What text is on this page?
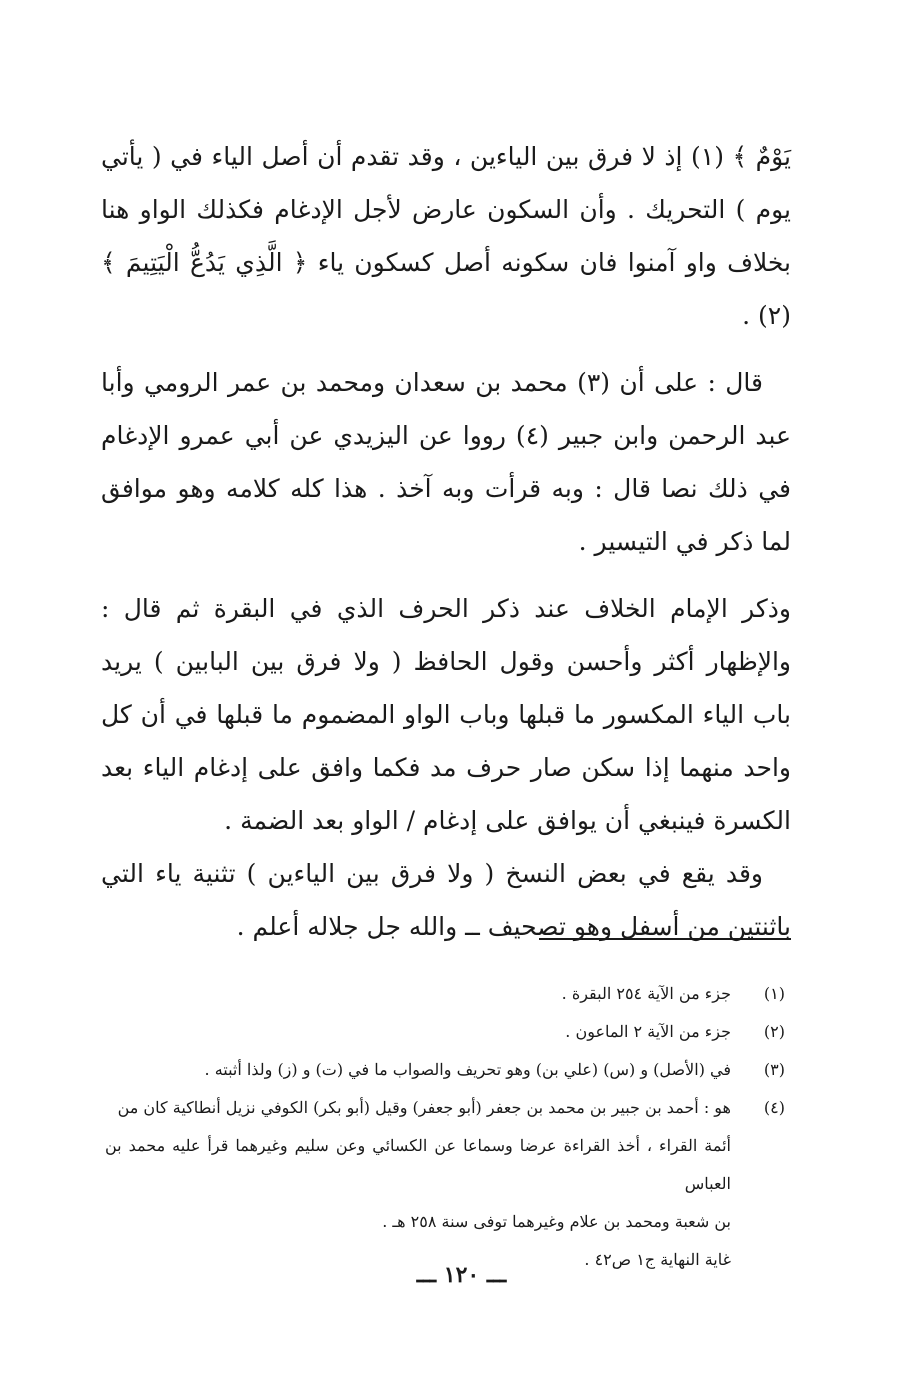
يَوْمٌ ﴾ (١) إذ لا فرق بين الياءين ، وقد تقدم أن أصل الياء في ( يأتي يوم ) التحريك . وأن السكون عارض لأجل الإدغام فكذلك الواو هنا بخلاف واو آمنوا فان سكونه أصل كسكون ياء ﴿ الَّذِي يَدُعُّ الْيَتِيمَ ﴾ (٢) .

قال : على أن (٣) محمد بن سعدان ومحمد بن عمر الرومي وأبا عبد الرحمن وابن جبير (٤) رووا عن اليزيدي عن أبي عمرو الإدغام في ذلك نصا قال : وبه قرأت وبه آخذ . هذا كله كلامه وهو موافق لما ذكر في التيسير .

وذكر الإمام الخلاف عند ذكر الحرف الذي في البقرة ثم قال : والإظهار أكثر وأحسن وقول الحافظ ( ولا فرق بين البابين ) يريد باب الياء المكسور ما قبلها وباب الواو المضموم ما قبلها في أن كل واحد منهما إذا سكن صار حرف مد فكما وافق على إدغام الياء بعد الكسرة فينبغي أن يوافق على إدغام / الواو بعد الضمة .

وقد يقع في بعض النسخ ( ولا فرق بين الياءين ) تثنية ياء التي باثنتين من أسفل وهو تصحيف ــ والله جل جلاله أعلم .

(١)
جزء من الآية ٢٥٤ البقرة .
(٢)
جزء من الآية ٢ الماعون .
(٣)
في (الأصل) و (س) (علي بن) وهو تحريف والصواب ما في (ت) و (ز) ولذا أثبته .
(٤)
هو : أحمد بن جبير بن محمد بن جعفر (أبو جعفر) وقيل (أبو بكر) الكوفي نزيل أنطاكية كان من
أئمة القراء ، أخذ القراءة عرضا وسماعا عن الكسائي وعن سليم وغيرهما قرأ عليه محمد بن العباس
بن شعبة ومحمد بن علام وغيرهما توفى سنة ٢٥٨ هـ .
غاية النهاية ج١ ص٤٢ .
ـــ ١٢٠ ـــ
